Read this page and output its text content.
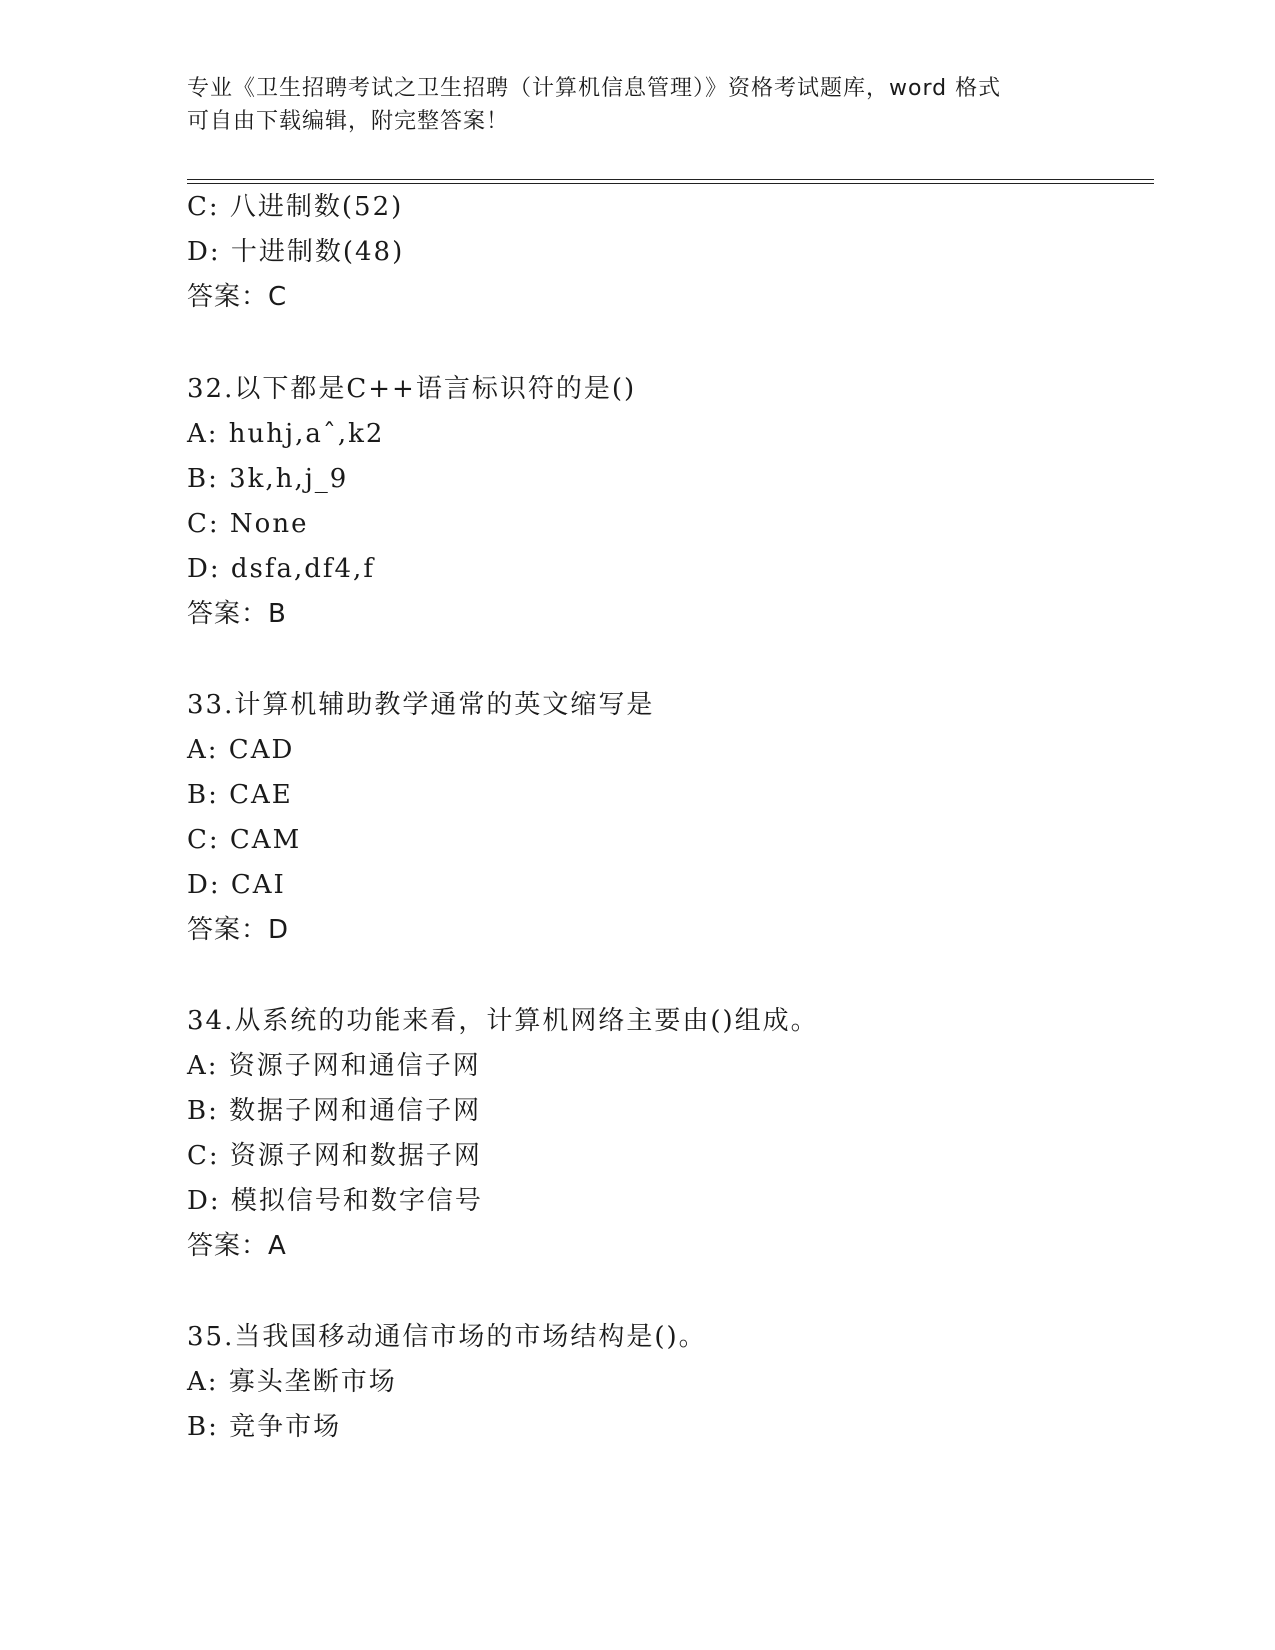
专业《卫生招聘考试之卫生招聘（计算机信息管理）》资格考试题库，word 格式
可自由下载编辑，附完整答案！
C: 八进制数(52)
D: 十进制数(48)
答案：C
32.以下都是C++语言标识符的是()
A: huhj,aˆ,k2
B: 3k,h,j_9
C: None
D: dsfa,df4,f
答案：B
33.计算机辅助教学通常的英文缩写是
A: CAD
B: CAE
C: CAM
D: CAI
答案：D
34.从系统的功能来看，计算机网络主要由()组成。
A: 资源子网和通信子网
B: 数据子网和通信子网
C: 资源子网和数据子网
D: 模拟信号和数字信号
答案：A
35.当我国移动通信市场的市场结构是()。
A: 寡头垄断市场
B: 竞争市场
